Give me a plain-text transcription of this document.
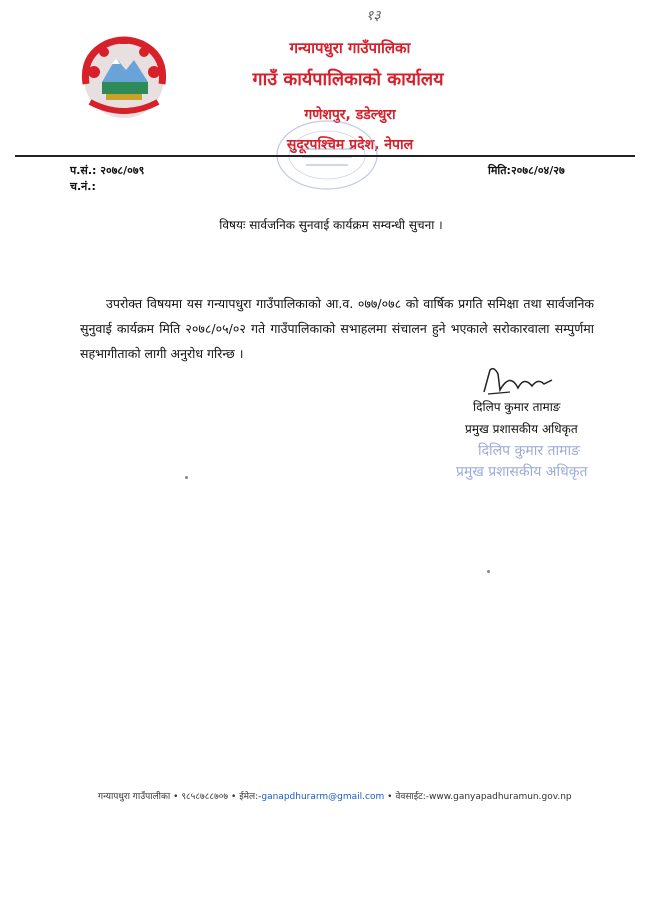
१३
गन्यापधुरा गाउँपालिका
गाउँ कार्यपालिकाको कार्यालय
गणेशपुर, डडेल्धुरा
सुदूरपश्चिम प्रदेश, नेपाल
प.सं.: २०७८/०७९
च.नं.:
मिति:२०७८/०४/२७
विषयः सार्वजनिक सुनवाई कार्यक्रम सम्वन्धी सुचना ।
उपरोक्त विषयमा यस गन्यापधुरा गाउँपालिकाको आ.व. ०७७/०७८ को वार्षिक प्रगति समिक्षा तथा सार्वजनिक सुनुवाई कार्यक्रम मिति २०७८/०५/०२ गते गाउँपालिकाको सभाहलमा संचालन हुने भएकाले सरोकारवाला सम्पुर्णमा सहभागीताको लागी अनुरोध गरिन्छ ।
दिलिप कुमार तामाङ
प्रमुख प्रशासकीय अधिकृत
दिलिप कुमार तामाङ
प्रमुख प्रशासकीय अधिकृत
गन्यापधुरा गाउँपालीका • ९८५८७८८७०७ • ईमेल:-ganapdhurarm@gmail.com • वेवसाईट:-www.ganyapadhuramun.gov.np
